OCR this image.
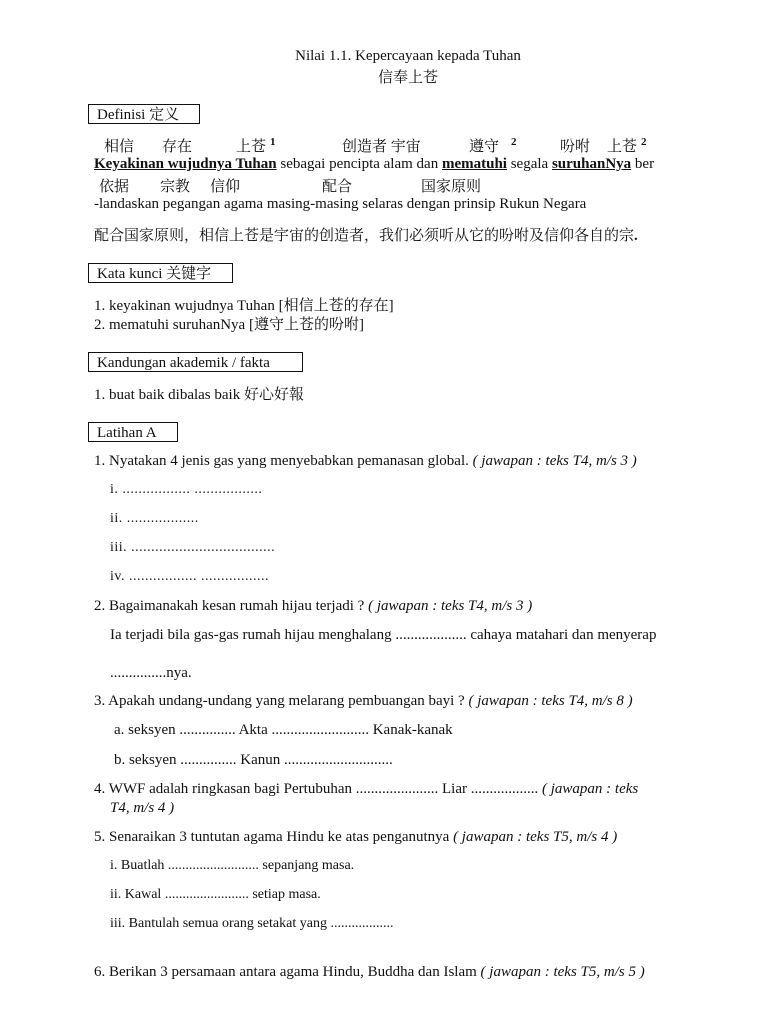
Nilai 1.1. Kepercayaan kepada Tuhan
信奉上苍
Definisi 定义
相信 存在	上苍 $^1$	创造者 宇宙	遵守 $^2$	吩咐 上苍 $^2$
Keyakinan wujudnya Tuhan sebagai pencipta alam dan mematuhi segala suruhanNya ber
依据 宗教 信仰	配合	国家原则
-landaskan pegangan agama masing-masing selaras dengan prinsip Rukun Negara
配合国家原则，相信上苍是宇宙的创造者，我们必须听从它的吩咐及信仰各自的宗.
Kata kunci 关键字
1. keyakinan wujudnya Tuhan [相信上苍的存在]
2. mematuhi suruhanNya [遵守上苍的吩咐]
Kandungan akademik / fakta
1. buat baik dibalas baik 好心好報
Latihan A
1. Nyatakan 4 jenis gas yang menyebabkan pemanasan global. ( jawapan : teks T4, m/s 3 )
i. ................. .................
ii. ..................
iii. ....................................
iv. ................. .................
2. Bagaimanakah kesan rumah hijau terjadi ? ( jawapan : teks T4, m/s 3 )
Ia terjadi bila gas-gas rumah hijau menghalang ................... cahaya matahari dan menyerap
...............nya.
3. Apakah undang-undang yang melarang pembuangan bayi ? ( jawapan : teks T4, m/s 8 )
a. seksyen ............... Akta .......................... Kanak-kanak
b. seksyen ............... Kanun .............................
4. WWF adalah ringkasan bagi Pertubuhan ...................... Liar .................. ( jawapan : teks
T4, m/s 4 )
5. Senaraikan 3 tuntutan agama Hindu ke atas penganutnya ( jawapan : teks T5, m/s 4 )
i. Buatlah .......................... sepanjang masa.
ii. Kawal ........................ setiap masa.
iii. Bantulah semua orang setakat yang ..................
6. Berikan 3 persamaan antara agama Hindu, Buddha dan Islam ( jawapan : teks T5, m/s 5 )
